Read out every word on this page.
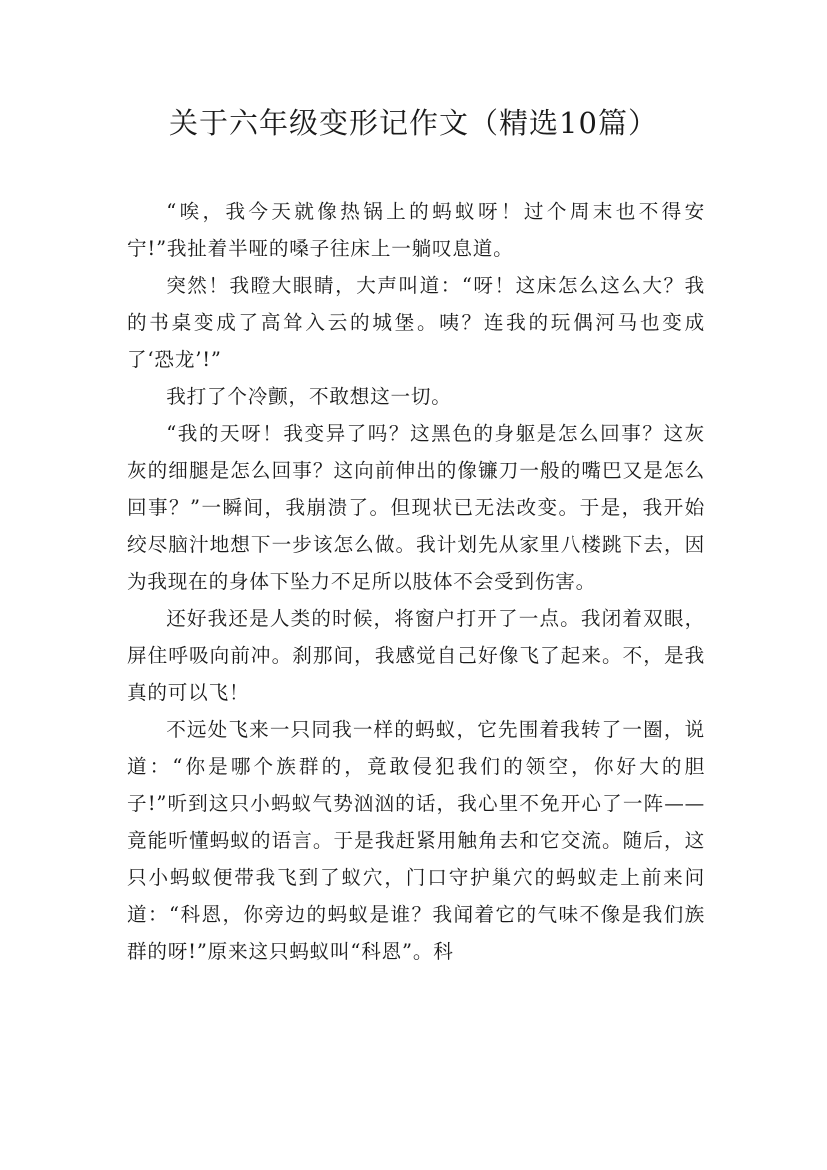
关于六年级变形记作文（精选10篇）

“唉，我今天就像热锅上的蚂蚁呀！过个周末也不得安宁!”我扯着半哑的嗓子往床上一躺叹息道。

突然！我瞪大眼睛，大声叫道：“呀！这床怎么这么大？我的书桌变成了高耸入云的城堡。咦？连我的玩偶河马也变成了‘恐龙’!”

我打了个冷颤，不敢想这一切。

“我的天呀！我变异了吗？这黑色的身躯是怎么回事？这灰灰的细腿是怎么回事？这向前伸出的像镰刀一般的嘴巴又是怎么回事？”一瞬间，我崩溃了。但现状已无法改变。于是，我开始绞尽脑汁地想下一步该怎么做。我计划先从家里八楼跳下去，因为我现在的身体下坠力不足所以肢体不会受到伤害。

还好我还是人类的时候，将窗户打开了一点。我闭着双眼，屏住呼吸向前冲。刹那间，我感觉自己好像飞了起来。不，是我真的可以飞！

不远处飞来一只同我一样的蚂蚁，它先围着我转了一圈，说道：“你是哪个族群的，竟敢侵犯我们的领空，你好大的胆子!”听到这只小蚂蚁气势汹汹的话，我心里不免开心了一阵——竟能听懂蚂蚁的语言。于是我赶紧用触角去和它交流。随后，这只小蚂蚁便带我飞到了蚁穴，门口守护巢穴的蚂蚁走上前来问道：“科恩，你旁边的蚂蚁是谁？我闻着它的气味不像是我们族群的呀!”原来这只蚂蚁叫“科恩”。科
